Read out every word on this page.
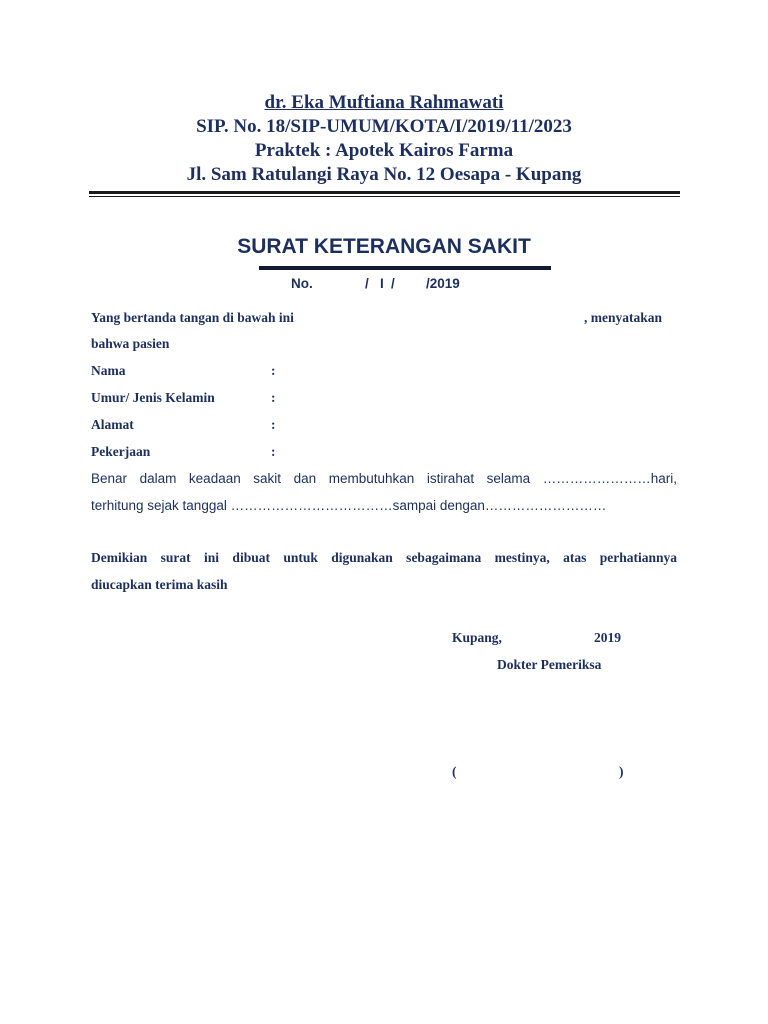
dr. Eka Muftiana Rahmawati
SIP. No. 18/SIP-UMUM/KOTA/I/2019/11/2023
Praktek : Apotek Kairos Farma
Jl. Sam Ratulangi Raya No. 12 Oesapa - Kupang
SURAT KETERANGAN SAKIT
No.	/ I / /2019
Yang bertanda tangan di bawah ini	, menyatakan
bahwa pasien
Nama	:
Umur/ Jenis Kelamin	:
Alamat	:
Pekerjaan	:
Benar dalam keadaan sakit dan membutuhkan istirahat selama ……………………hari,
terhitung sejak tanggal ………………………………sampai dengan………………………
Demikian surat ini dibuat untuk digunakan sebagaimana mestinya, atas perhatiannya
diucapkan terima kasih
Kupang,	2019
Dokter Pemeriksa
(	)
